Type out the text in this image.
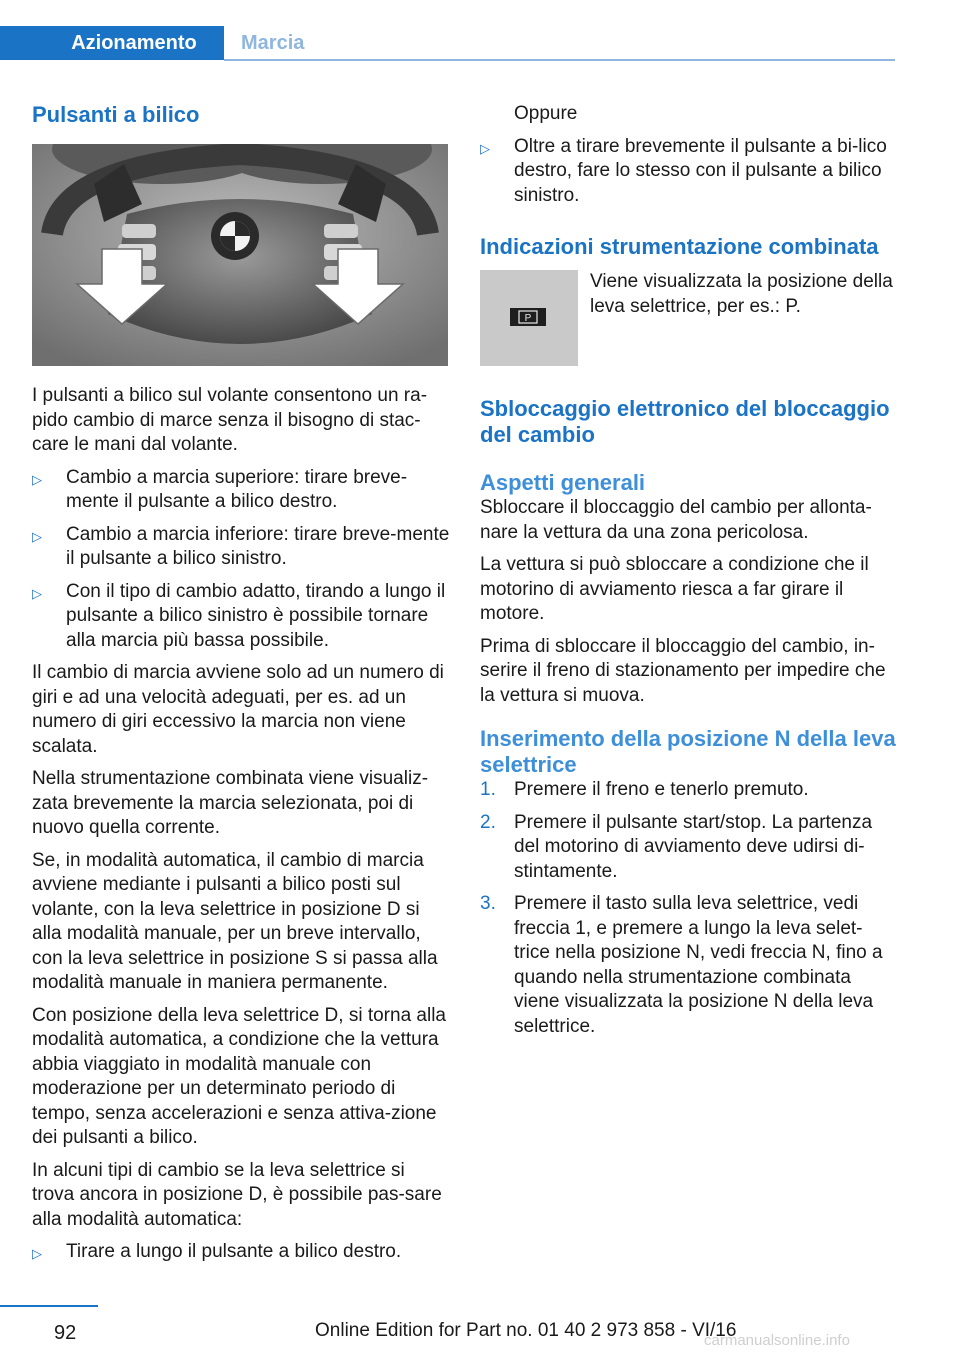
Azionamento	Marcia
Pulsanti a bilico

I pulsanti a bilico sul volante consentono un ra‐pido cambio di marce senza il bisogno di stac‐care le mani dal volante.

▷	Cambio a marcia superiore: tirare breve‐mente il pulsante a bilico destro.
▷	Cambio a marcia inferiore: tirare breve‐mente il pulsante a bilico sinistro.
▷	Con il tipo di cambio adatto, tirando a lungo il pulsante a bilico sinistro è possibile tornare alla marcia più bassa possibile.

Il cambio di marcia avviene solo ad un numero di giri e ad una velocità adeguati, per es. ad un numero di giri eccessivo la marcia non viene scalata.

Nella strumentazione combinata viene visualiz‐zata brevemente la marcia selezionata, poi di nuovo quella corrente.

Se, in modalità automatica, il cambio di marcia avviene mediante i pulsanti a bilico posti sul volante, con la leva selettrice in posizione D si alla modalità manuale, per un breve intervallo, con la leva selettrice in posizione S si passa alla modalità manuale in maniera permanente.

Con posizione della leva selettrice D, si torna alla modalità automatica, a condizione che la vettura abbia viaggiato in modalità manuale con moderazione per un determinato periodo di tempo, senza accelerazioni e senza attiva‐zione dei pulsanti a bilico.

In alcuni tipi di cambio se la leva selettrice si trova ancora in posizione D, è possibile pas‐sare alla modalità automatica:

▷	Tirare a lungo il pulsante a bilico destro.

Oppure

▷	Oltre a tirare brevemente il pulsante a bi‐lico destro, fare lo stesso con il pulsante a bilico sinistro.
Indicazioni strumentazione combinata
P
Viene visualizzata la posizione della leva selettrice, per es.: P.
Sbloccaggio elettronico del bloccaggio del cambio
Aspetti generali

Sbloccare il bloccaggio del cambio per allonta‐nare la vettura da una zona pericolosa.

La vettura si può sbloccare a condizione che il motorino di avviamento riesca a far girare il motore.

Prima di sbloccare il bloccaggio del cambio, in‐serire il freno di stazionamento per impedire che la vettura si muova.

Inserimento della posizione N della leva selettrice
1. Premere il freno e tenerlo premuto.
2. Premere il pulsante start/stop. La partenza del motorino di avviamento deve udirsi di‐stintamente.
3. Premere il tasto sulla leva selettrice, vedi freccia 1, e premere a lungo la leva selet‐trice nella posizione N, vedi freccia N, fino a quando nella strumentazione combinata viene visualizzata la posizione N della leva selettrice.
92	Online Edition for Part no. 01 40 2 973 858 - VI/16
carmanualsonline.info
